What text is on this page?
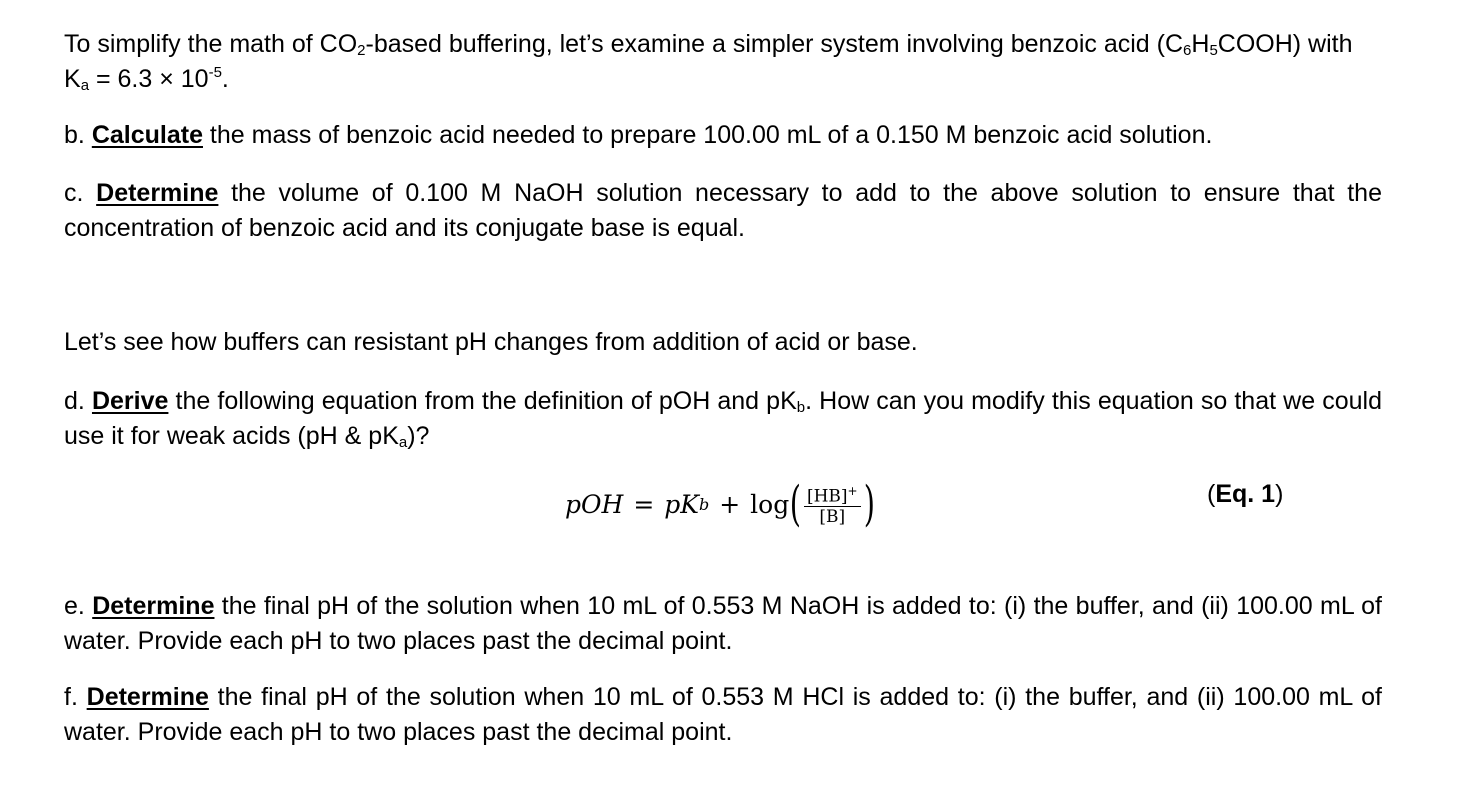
To simplify the math of $CO_2$-based buffering, let’s examine a simpler system involving benzoic acid $(C_6H_5COOH)$ with $K_a = 6.3 \times 10^{-5}$.

b. Calculate the mass of benzoic acid needed to prepare 100.00 mL of a 0.150 M benzoic acid solution.

c. Determine the volume of 0.100 M NaOH solution necessary to add to the above solution to ensure that the concentration of benzoic acid and its conjugate base is equal.

Let’s see how buffers can resistant pH changes from addition of acid or base.

d. Derive the following equation from the definition of pOH and $pK_b$. How can you modify this equation so that we could use it for weak acids (pH & $pK_a$)?

pOH = pK b + log ( $\frac{[HB]^+}{[B]}$ )	(Eq. 1)

e. Determine the final pH of the solution when 10 mL of 0.553 M NaOH is added to: (i) the buffer, and (ii) 100.00 mL of water. Provide each pH to two places past the decimal point.

f. Determine the final pH of the solution when 10 mL of 0.553 M HCl is added to: (i) the buffer, and (ii) 100.00 mL of water. Provide each pH to two places past the decimal point.
